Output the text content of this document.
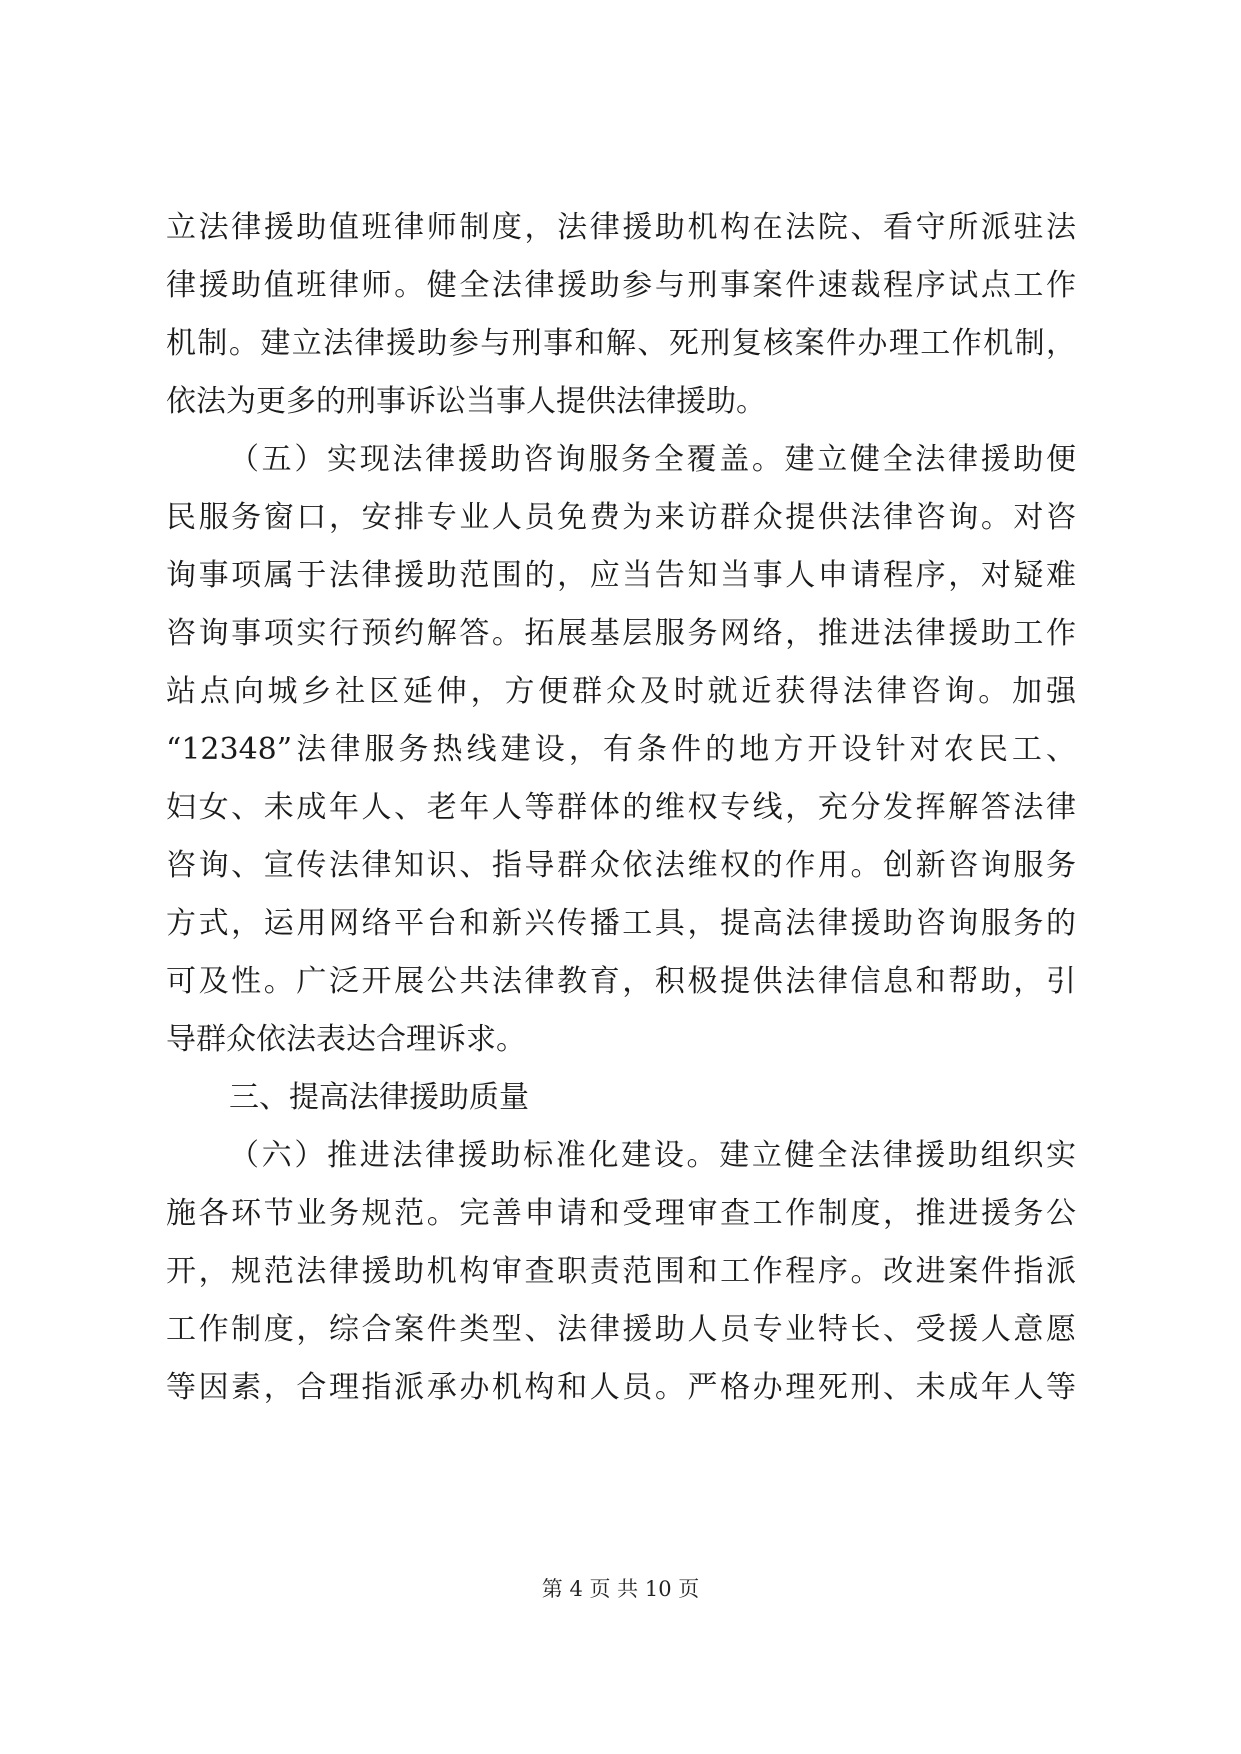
立法律援助值班律师制度，法律援助机构在法院、看守所派驻法
律援助值班律师。健全法律援助参与刑事案件速裁程序试点工作
机制。建立法律援助参与刑事和解、死刑复核案件办理工作机制，
依法为更多的刑事诉讼当事人提供法律援助。
（五）实现法律援助咨询服务全覆盖。建立健全法律援助便
民服务窗口，安排专业人员免费为来访群众提供法律咨询。对咨
询事项属于法律援助范围的，应当告知当事人申请程序，对疑难
咨询事项实行预约解答。拓展基层服务网络，推进法律援助工作
站点向城乡社区延伸，方便群众及时就近获得法律咨询。加强
“12348”法律服务热线建设，有条件的地方开设针对农民工、
妇女、未成年人、老年人等群体的维权专线，充分发挥解答法律
咨询、宣传法律知识、指导群众依法维权的作用。创新咨询服务
方式，运用网络平台和新兴传播工具，提高法律援助咨询服务的
可及性。广泛开展公共法律教育，积极提供法律信息和帮助，引
导群众依法表达合理诉求。
三、提高法律援助质量
（六）推进法律援助标准化建设。建立健全法律援助组织实
施各环节业务规范。完善申请和受理审查工作制度，推进援务公
开，规范法律援助机构审查职责范围和工作程序。改进案件指派
工作制度，综合案件类型、法律援助人员专业特长、受援人意愿
等因素，合理指派承办机构和人员。严格办理死刑、未成年人等
第 4 页 共 10 页
